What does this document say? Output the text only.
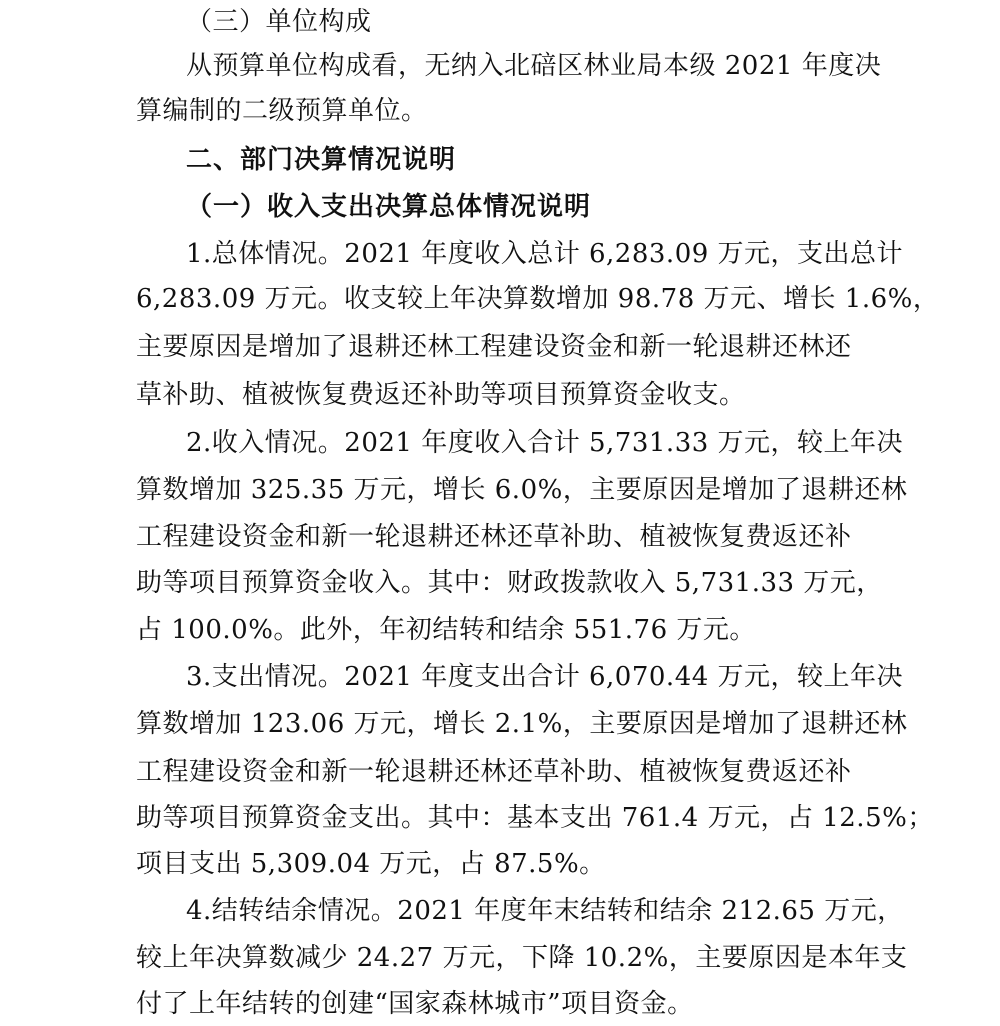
（三）单位构成
从预算单位构成看，无纳入北碚区林业局本级 2021 年度决
算编制的二级预算单位。
二、部门决算情况说明
（一）收入支出决算总体情况说明
1.总体情况。2021 年度收入总计 6,283.09 万元，支出总计
6,283.09 万元。收支较上年决算数增加 98.78 万元、增长 1.6%，
主要原因是增加了退耕还林工程建设资金和新一轮退耕还林还
草补助、植被恢复费返还补助等项目预算资金收支。
2.收入情况。2021 年度收入合计 5,731.33 万元，较上年决
算数增加 325.35 万元，增长 6.0%，主要原因是增加了退耕还林
工程建设资金和新一轮退耕还林还草补助、植被恢复费返还补
助等项目预算资金收入。其中：财政拨款收入 5,731.33 万元，
占 100.0%。此外，年初结转和结余 551.76 万元。
3.支出情况。2021 年度支出合计 6,070.44 万元，较上年决
算数增加 123.06 万元，增长 2.1%，主要原因是增加了退耕还林
工程建设资金和新一轮退耕还林还草补助、植被恢复费返还补
助等项目预算资金支出。其中：基本支出 761.4 万元，占 12.5%；
项目支出 5,309.04 万元，占 87.5%。
4.结转结余情况。2021 年度年末结转和结余 212.65 万元，
较上年决算数减少 24.27 万元，下降 10.2%，主要原因是本年支
付了上年结转的创建“国家森林城市”项目资金。
